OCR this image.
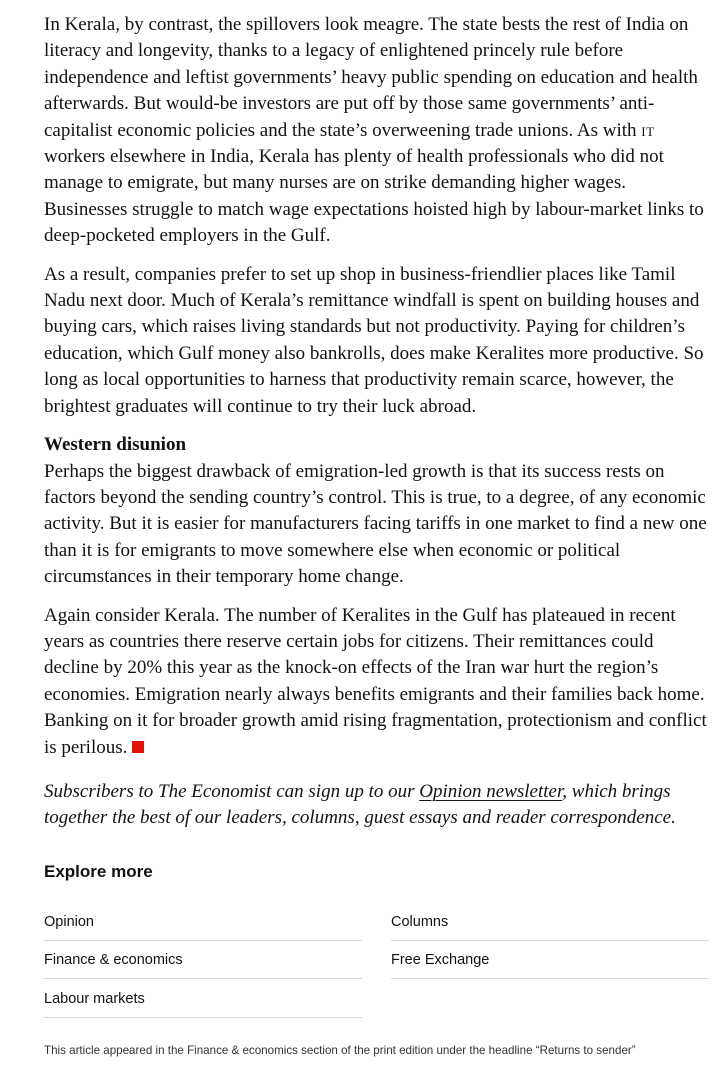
In Kerala, by contrast, the spillovers look meagre. The state bests the rest of India on literacy and longevity, thanks to a legacy of enlightened princely rule before independence and leftist governments’ heavy public spending on education and health afterwards. But would-be investors are put off by those same governments’ anti-capitalist economic policies and the state’s overweening trade unions. As with it workers elsewhere in India, Kerala has plenty of health professionals who did not manage to emigrate, but many nurses are on strike demanding higher wages. Businesses struggle to match wage expectations hoisted high by labour-market links to deep-pocketed employers in the Gulf.

As a result, companies prefer to set up shop in business-friendlier places like Tamil Nadu next door. Much of Kerala’s remittance windfall is spent on building houses and buying cars, which raises living standards but not productivity. Paying for children’s education, which Gulf money also bankrolls, does make Keralites more productive. So long as local opportunities to harness that productivity remain scarce, however, the brightest graduates will continue to try their luck abroad.

Western disunion

Perhaps the biggest drawback of emigration-led growth is that its success rests on factors beyond the sending country’s control. This is true, to a degree, of any economic activity. But it is easier for manufacturers facing tariffs in one market to find a new one than it is for emigrants to move somewhere else when economic or political circumstances in their temporary home change.

Again consider Kerala. The number of Keralites in the Gulf has plateaued in recent years as countries there reserve certain jobs for citizens. Their remittances could decline by 20% this year as the knock-on effects of the Iran war hurt the region’s economies. Emigration nearly always benefits emigrants and their families back home. Banking on it for broader growth amid rising fragmentation, protectionism and conflict is perilous.

Subscribers to The Economist can sign up to our Opinion newsletter, which brings together the best of our leaders, columns, guest essays and reader correspondence.

Explore more
Opinion	Columns
Finance & economics	Free Exchange
Labour markets
This article appeared in the Finance & economics section of the print edition under the headline “Returns to sender”
